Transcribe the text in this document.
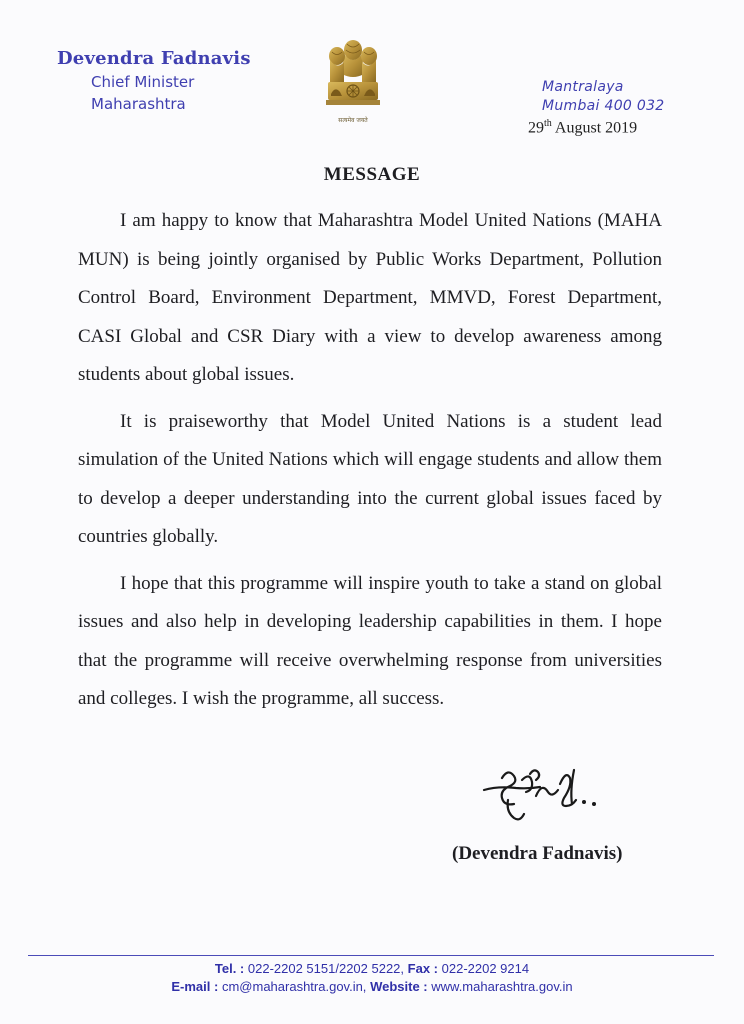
Devendra Fadnavis
Chief Minister
Maharashtra
सत्यमेव जयते
Mantralaya
Mumbai 400 032
29th August 2019
MESSAGE

I am happy to know that Maharashtra Model United Nations (MAHA MUN) is being jointly organised by Public Works Department, Pollution Control Board, Environment Department, MMVD, Forest Department, CASI Global and CSR Diary with a view to develop awareness among students about global issues.

It is praiseworthy that Model United Nations is a student lead simulation of the United Nations which will engage students and allow them to develop a deeper understanding into the current global issues faced by countries globally.

I hope that this programme will inspire youth to take a stand on global issues and also help in developing leadership capabilities in them. I hope that the programme will receive overwhelming response from universities and colleges. I wish the programme, all success.

(Devendra Fadnavis)
Tel. : 022-2202 5151/2202 5222, Fax : 022-2202 9214
E-mail : cm@maharashtra.gov.in, Website : www.maharashtra.gov.in
